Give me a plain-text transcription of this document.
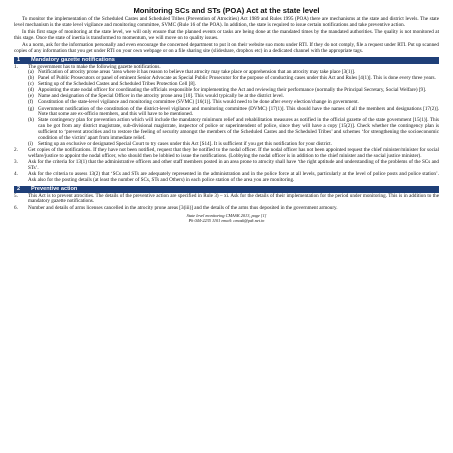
Monitoring SCs and STs (POA) Act at the state level

To monitor the implementation of the Scheduled Castes and Scheduled Tribes (Prevention of Atrocities) Act 1989 and Rules 1995 (POA) there are mechanisms at the state and district levels. The state level mechanism is the state level vigilance and monitoring committee, SVMC (Rule 16 of the POA). In addition, the state is required to issue certain notifications and take preventive action.

In this first stage of monitoring at the state level, we will only ensure that the planned events or tasks are being done at the mandated times by the mandated authorities. The quality is not monitored at this stage. Once the state of inertia is transformed to momentum, we will move on to quality issues.

As a norm, ask for the information personally and even encourage the concerned department to put it on their website suo motu under RTI. If they do not comply, file a request under RTI. Put up scanned copies of any information that you get under RTI on your own webpage or on a file sharing site (slideshare, dropbox etc) in a dedicated channel with the appropriate tags.

1	Mandatory gazette notifications
1.	The government has to make the following gazette notifications.
(a) Notification of atrocity prone areas ‘area where it has reason to believe that atrocity may take place or apprehension that an atrocity may take place [3(1)].
(b) Panel of Public Prosecutors or panel of eminent Senior Advocate as Special Public Prosecutor for the purpose of conducting cases under this Act and Rules [4(1)]. This is done every three years.
(c) Setting up of the Scheduled Castes and Scheduled Tribes Protection Cell [8].
(d) Appointing the state nodal officer for coordinating the officials responsible for implementing the Act and reviewing their performance (normally the Principal Secretary, Social Welfare) [9].
(e) Name and designation of the Special Officer in the atrocity prone area [10]. This would typically be at the district level.
(f) Constitution of the state-level vigilance and monitoring committee (SVMC) [16(1)]. This would need to be done after every election/change in government.
(g) Government notification of the constitution of the district-level vigilance and monitoring committee (DVMC) [17(1)]. This should have the names of all the members and designations [17(2)]. Note that some are ex-officio members, and this will have to be mentioned.
(h) State contingency plan for prevention action which will include the mandatory minimum relief and rehabilitation measures as notified in the official gazette of the state government [15(1)]. This can be got from any district magistrate, sub-divisional magistrate, inspector of police or superintendent of police, since they will have a copy [15(2)]. Check whether the contingency plan is sufficient to ‘prevent atrocities and to restore the feeling of security amongst the members of the Scheduled Castes and the Scheduled Tribes’ and schemes ‘for strengthening the socioeconomic condition of the victim’ apart from immediate relief.
(i) Setting up an exclusive or designated Special Court to try cases under this Act [S14]. It is sufficient if you get this notification for your district.
2.	Get copies of the notifications. If they have not been notified, request that they be notified to the nodal officer. If the nodal officer has not been appointed request the chief minister/minister for social welfare/justice to appoint the nodal officer, who should then be lobbied to issue the notifications. (Lobbying the nodal officer is in addition to the chief minister and the social justice minister).
3.	Ask for the criteria for 13(1) that the administrative officers and other staff members posted in an area prone to atrocity shall have ‘the right aptitude and understanding of the problems of the SCs and STs’.
4.	Ask for the criteria to assess 13(2) that ‘SCs and STs are adequately represented in the administration and in the police force at all levels, particularly at the level of police posts and police station’. Ask also for the posting details (at least the number of SCs, STs and Others) in each police station of the area you are monitoring.
2	Preventive action
5.	This Act is to prevent atrocities. The details of the preventive action are specified in Rule 3) – xi. Ask for the details of their implementation for the period under monitoring. This is in addition to the mandatory gazette notifications.
6.	Number and details of arms licenses cancelled in the atrocity prone areas [3(iii)] and the details of the arms thus deposited in the government armoury.
State level monitoring CMASK 2013, page [1]
Ph 044-2235 1101 email: cmask@pdt.net.in
